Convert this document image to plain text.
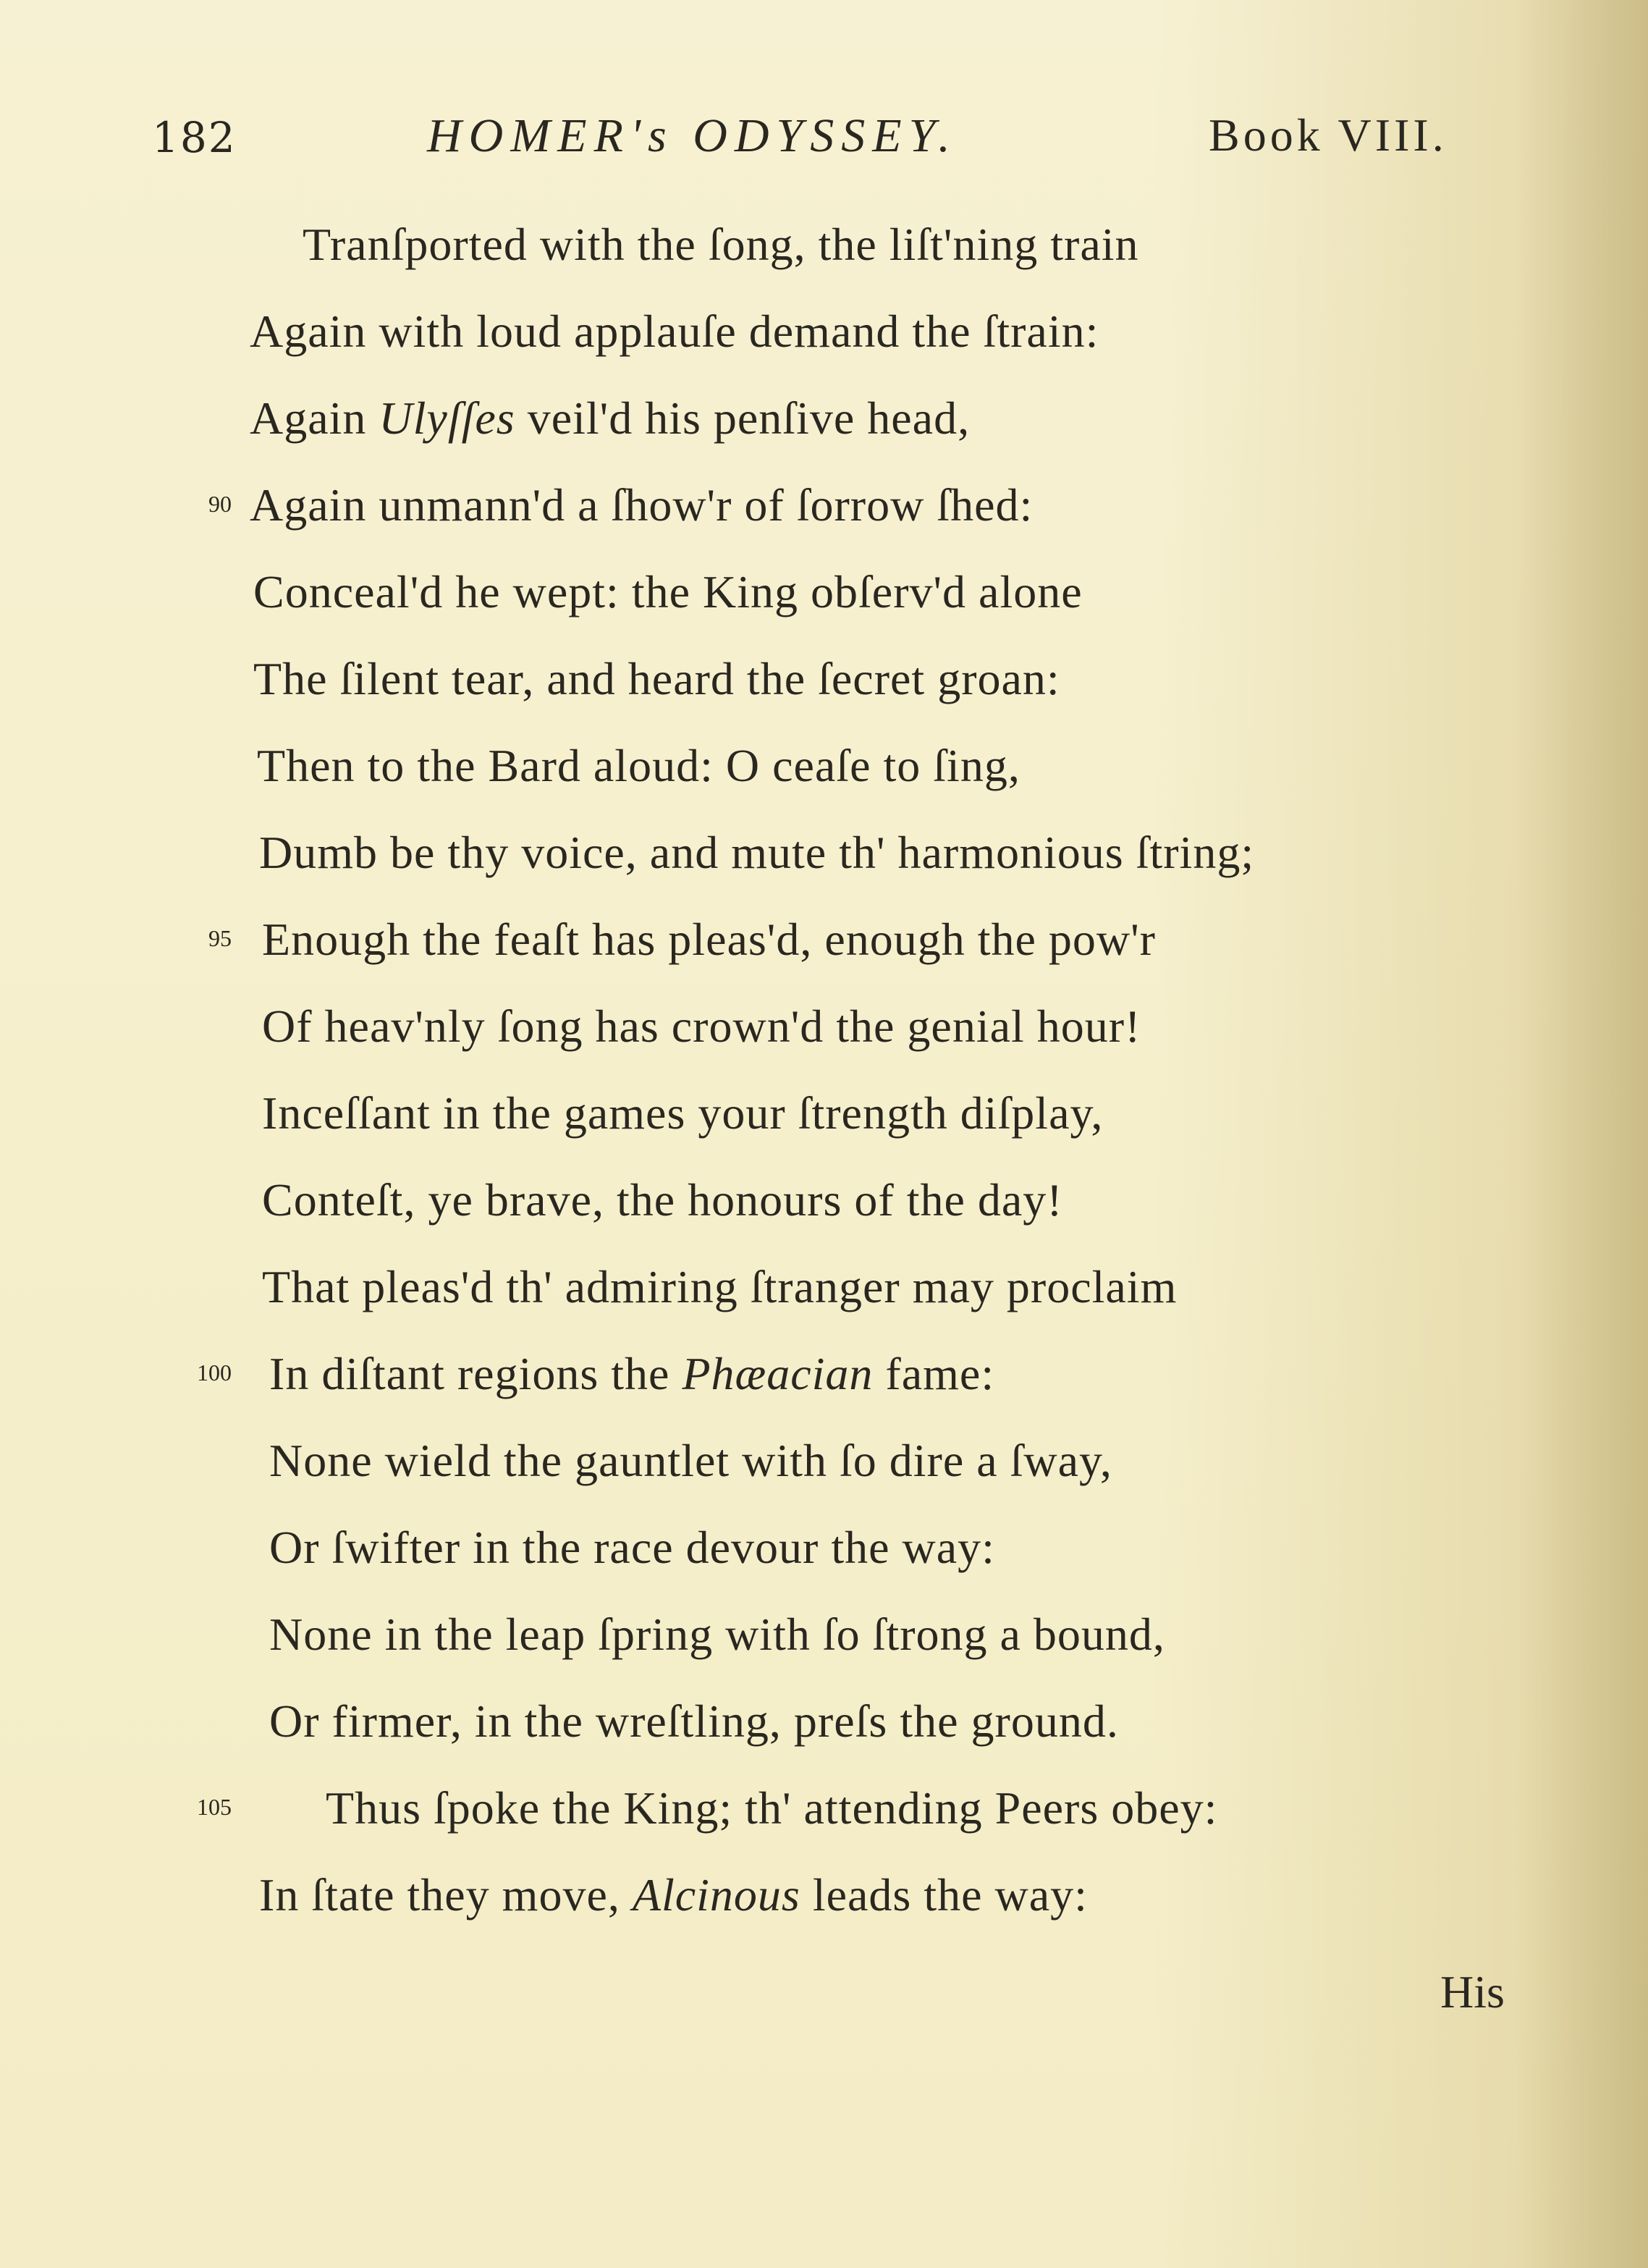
182	HOMER's ODYSSEY.	Book VIII.
Tranſported with the ſong, the liſt'ning train
Again with loud applauſe demand the ſtrain:
Again Ulyſſes veil'd his penſive head,
90 Again unmann'd a ſhow'r of ſorrow ſhed:
Conceal'd he wept: the King obſerv'd alone
The ſilent tear, and heard the ſecret groan:
Then to the Bard aloud: O ceaſe to ſing,
Dumb be thy voice, and mute th' harmonious ſtring;
95 Enough the feaſt has pleas'd, enough the pow'r
Of heav'nly ſong has crown'd the genial hour!
Inceſſant in the games your ſtrength diſplay,
Conteſt, ye brave, the honours of the day!
That pleas'd th' admiring ſtranger may proclaim
100 In diſtant regions the Phæacian fame:
None wield the gauntlet with ſo dire a ſway,
Or ſwifter in the race devour the way:
None in the leap ſpring with ſo ſtrong a bound,
Or firmer, in the wreſtling, preſs the ground.
105	Thus ſpoke the King; th' attending Peers obey:
In ſtate they move, Alcinous leads the way:
His
